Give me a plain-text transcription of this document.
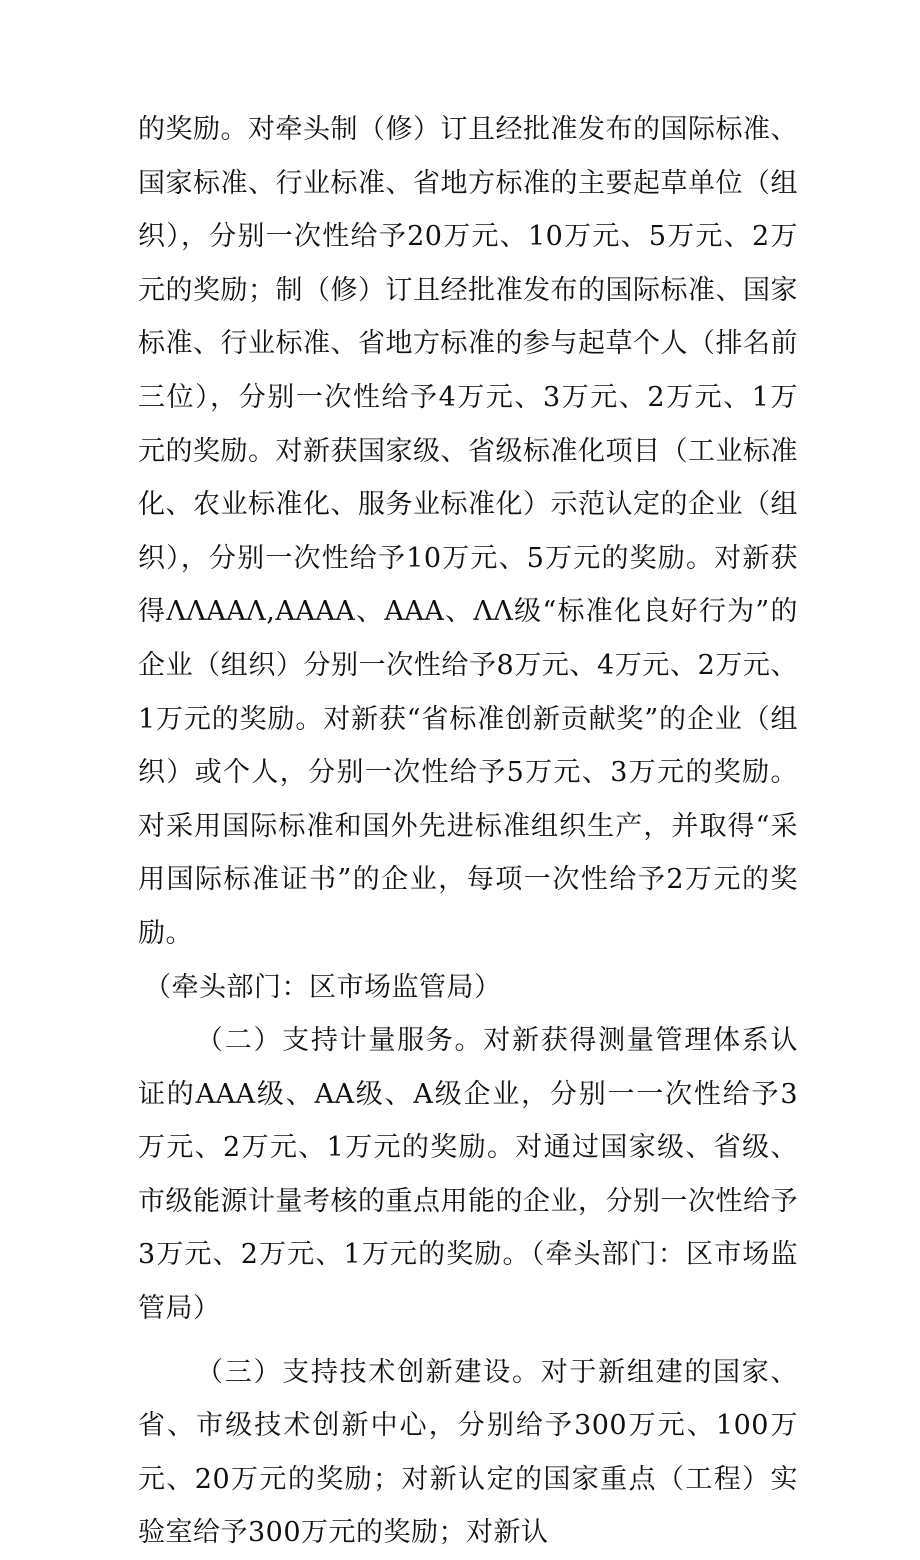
的奖励。对牵头制（修）订且经批准发布的国际标准、国家标准、行业标准、省地方标准的主要起草单位（组织），分别一次性给予20万元、10万元、5万元、2万元的奖励；制（修）订且经批准发布的国际标准、国家标准、行业标准、省地方标准的参与起草个人（排名前三位），分别一次性给予4万元、3万元、2万元、1万元的奖励。对新获国家级、省级标准化项目（工业标准化、农业标准化、服务业标准化）示范认定的企业（组织），分别一次性给予10万元、5万元的奖励。对新获得ΛΛAAΛ,AAAA、AAA、ΛΛ级“标准化良好行为”的企业（组织）分别一次性给予8万元、4万元、2万元、1万元的奖励。对新获“省标准创新贡献奖”的企业（组织）或个人，分别一次性给予5万元、3万元的奖励。对采用国际标准和国外先进标准组织生产，并取得“采用国际标准证书”的企业，每项一次性给予2万元的奖励。

（牵头部门：区市场监管局）

（二）支持计量服务。对新获得测量管理体系认证的AAA级、AA级、A级企业，分别一一次性给予3万元、2万元、1万元的奖励。对通过国家级、省级、市级能源计量考核的重点用能的企业，分别一次性给予3万元、2万元、1万元的奖励。（牵头部门：区市场监管局）

（三）支持技术创新建设。对于新组建的国家、省、市级技术创新中心，分别给予300万元、100万元、20万元的奖励；对新认定的国家重点（工程）实验室给予300万元的奖励；对新认
